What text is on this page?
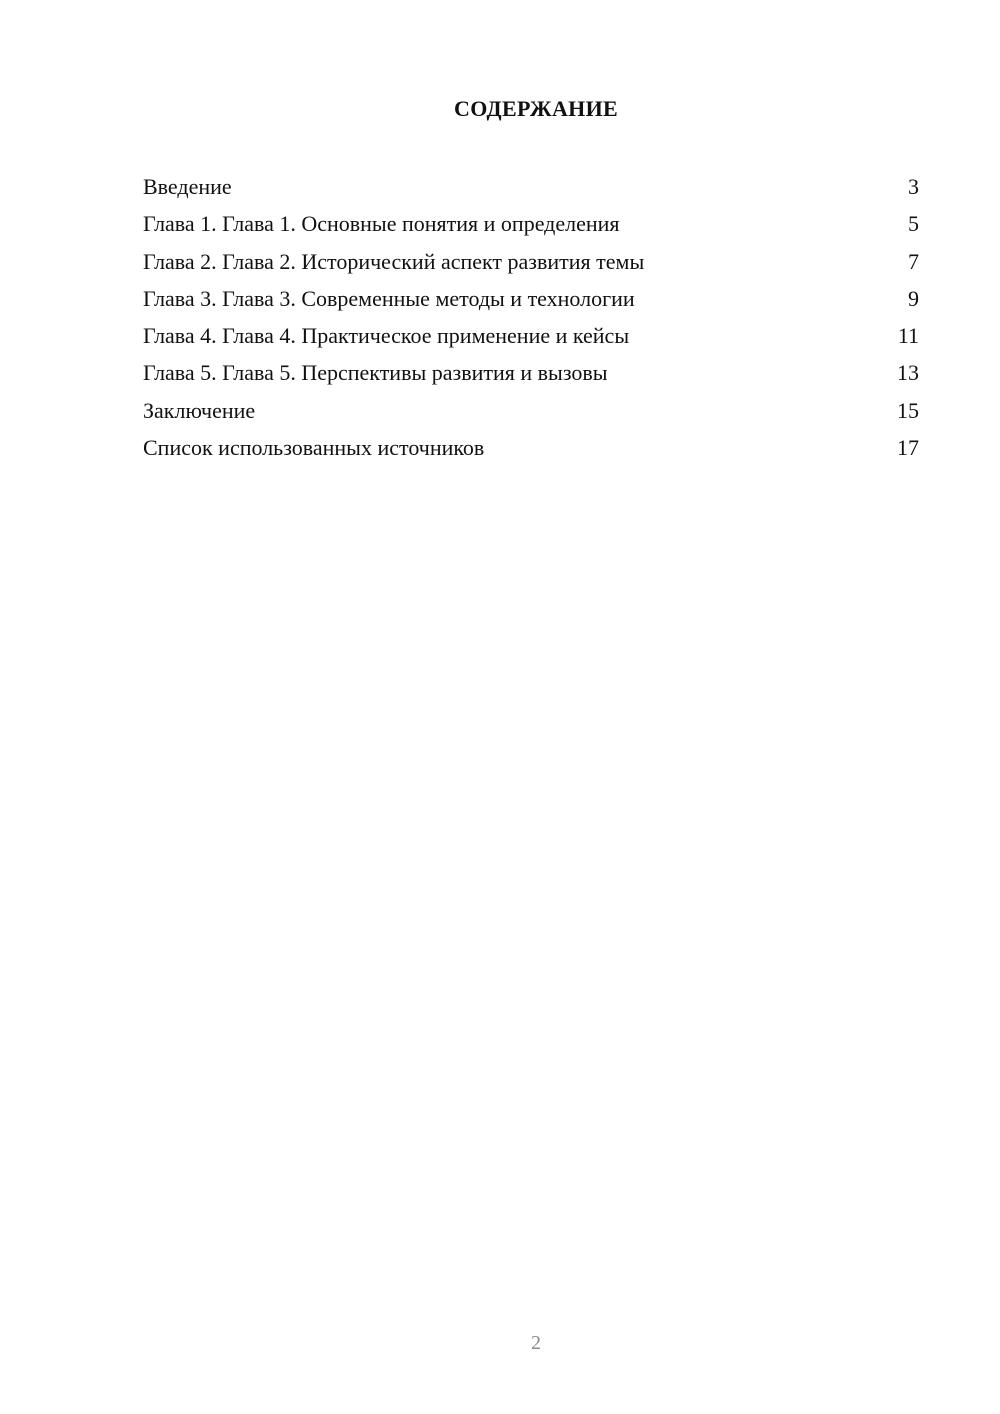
СОДЕРЖАНИЕ
Введение	3
Глава 1. Глава 1. Основные понятия и определения	5
Глава 2. Глава 2. Исторический аспект развития темы	7
Глава 3. Глава 3. Современные методы и технологии	9
Глава 4. Глава 4. Практическое применение и кейсы	11
Глава 5. Глава 5. Перспективы развития и вызовы	13
Заключение	15
Список использованных источников	17
2
